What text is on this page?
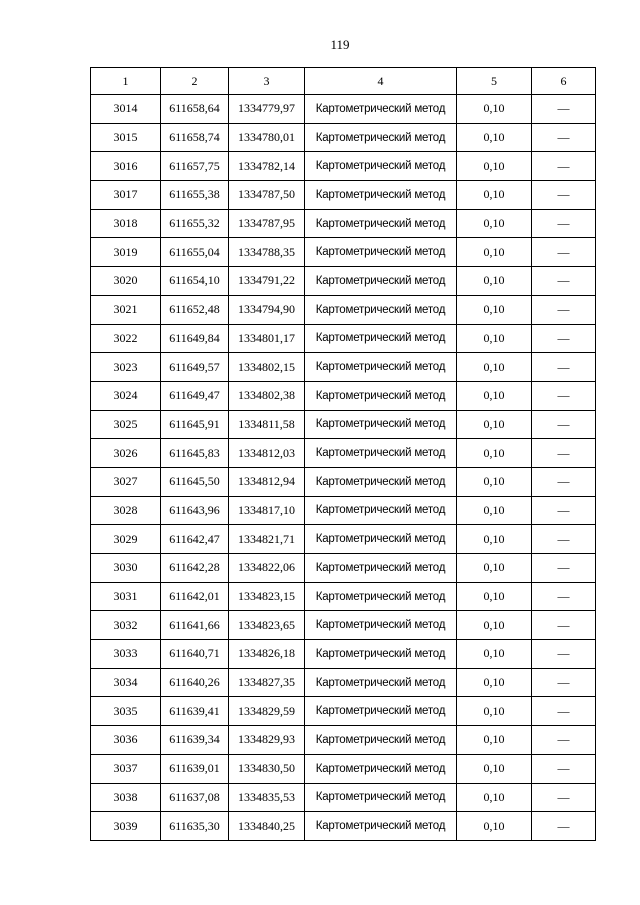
119
1	2	3	4	5	6
3014	611658,64	1334779,97	Картометрический метод	0,10	—
3015	611658,74	1334780,01	Картометрический метод	0,10	—
3016	611657,75	1334782,14	Картометрический метод	0,10	—
3017	611655,38	1334787,50	Картометрический метод	0,10	—
3018	611655,32	1334787,95	Картометрический метод	0,10	—
3019	611655,04	1334788,35	Картометрический метод	0,10	—
3020	611654,10	1334791,22	Картометрический метод	0,10	—
3021	611652,48	1334794,90	Картометрический метод	0,10	—
3022	611649,84	1334801,17	Картометрический метод	0,10	—
3023	611649,57	1334802,15	Картометрический метод	0,10	—
3024	611649,47	1334802,38	Картометрический метод	0,10	—
3025	611645,91	1334811,58	Картометрический метод	0,10	—
3026	611645,83	1334812,03	Картометрический метод	0,10	—
3027	611645,50	1334812,94	Картометрический метод	0,10	—
3028	611643,96	1334817,10	Картометрический метод	0,10	—
3029	611642,47	1334821,71	Картометрический метод	0,10	—
3030	611642,28	1334822,06	Картометрический метод	0,10	—
3031	611642,01	1334823,15	Картометрический метод	0,10	—
3032	611641,66	1334823,65	Картометрический метод	0,10	—
3033	611640,71	1334826,18	Картометрический метод	0,10	—
3034	611640,26	1334827,35	Картометрический метод	0,10	—
3035	611639,41	1334829,59	Картометрический метод	0,10	—
3036	611639,34	1334829,93	Картометрический метод	0,10	—
3037	611639,01	1334830,50	Картометрический метод	0,10	—
3038	611637,08	1334835,53	Картометрический метод	0,10	—
3039	611635,30	1334840,25	Картометрический метод	0,10	—
